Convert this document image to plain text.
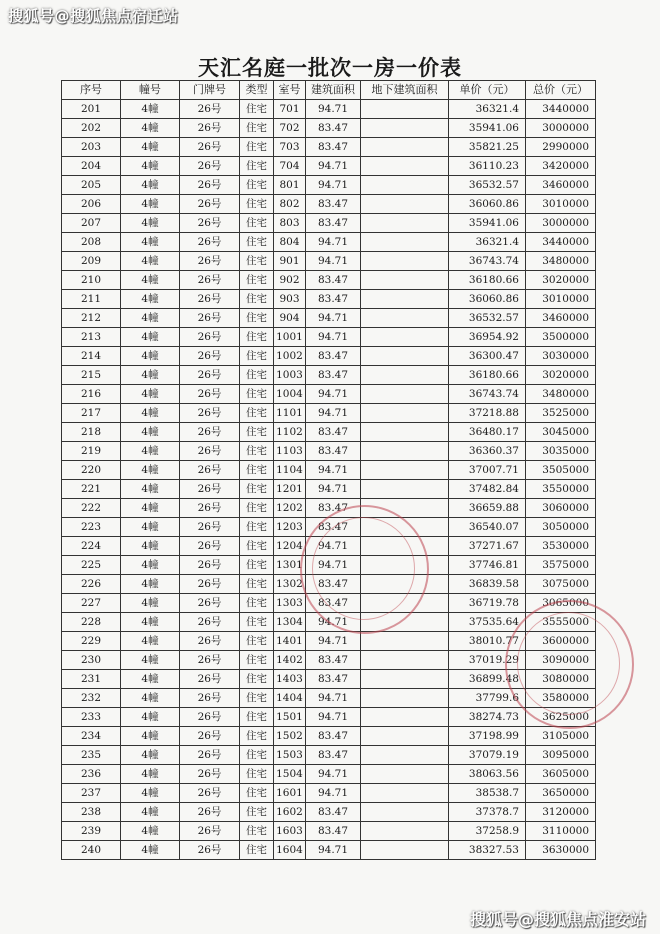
搜狐号@搜狐焦点宿迁站
天汇名庭一批次一房一价表
序号	幢号	门牌号	类型	室号	建筑面积	地下建筑面积	单价（元）	总价（元）
201	4幢	26号	住宅	701	94.71		36321.4	3440000
202	4幢	26号	住宅	702	83.47		35941.06	3000000
203	4幢	26号	住宅	703	83.47		35821.25	2990000
204	4幢	26号	住宅	704	94.71		36110.23	3420000
205	4幢	26号	住宅	801	94.71		36532.57	3460000
206	4幢	26号	住宅	802	83.47		36060.86	3010000
207	4幢	26号	住宅	803	83.47		35941.06	3000000
208	4幢	26号	住宅	804	94.71		36321.4	3440000
209	4幢	26号	住宅	901	94.71		36743.74	3480000
210	4幢	26号	住宅	902	83.47		36180.66	3020000
211	4幢	26号	住宅	903	83.47		36060.86	3010000
212	4幢	26号	住宅	904	94.71		36532.57	3460000
213	4幢	26号	住宅	1001	94.71		36954.92	3500000
214	4幢	26号	住宅	1002	83.47		36300.47	3030000
215	4幢	26号	住宅	1003	83.47		36180.66	3020000
216	4幢	26号	住宅	1004	94.71		36743.74	3480000
217	4幢	26号	住宅	1101	94.71		37218.88	3525000
218	4幢	26号	住宅	1102	83.47		36480.17	3045000
219	4幢	26号	住宅	1103	83.47		36360.37	3035000
220	4幢	26号	住宅	1104	94.71		37007.71	3505000
221	4幢	26号	住宅	1201	94.71		37482.84	3550000
222	4幢	26号	住宅	1202	83.47		36659.88	3060000
223	4幢	26号	住宅	1203	83.47		36540.07	3050000
224	4幢	26号	住宅	1204	94.71		37271.67	3530000
225	4幢	26号	住宅	1301	94.71		37746.81	3575000
226	4幢	26号	住宅	1302	83.47		36839.58	3075000
227	4幢	26号	住宅	1303	83.47		36719.78	3065000
228	4幢	26号	住宅	1304	94.71		37535.64	3555000
229	4幢	26号	住宅	1401	94.71		38010.77	3600000
230	4幢	26号	住宅	1402	83.47		37019.29	3090000
231	4幢	26号	住宅	1403	83.47		36899.48	3080000
232	4幢	26号	住宅	1404	94.71		37799.6	3580000
233	4幢	26号	住宅	1501	94.71		38274.73	3625000
234	4幢	26号	住宅	1502	83.47		37198.99	3105000
235	4幢	26号	住宅	1503	83.47		37079.19	3095000
236	4幢	26号	住宅	1504	94.71		38063.56	3605000
237	4幢	26号	住宅	1601	94.71		38538.7	3650000
238	4幢	26号	住宅	1602	83.47		37378.7	3120000
239	4幢	26号	住宅	1603	83.47		37258.9	3110000
240	4幢	26号	住宅	1604	94.71		38327.53	3630000
搜狐号@搜狐焦点淮安站
